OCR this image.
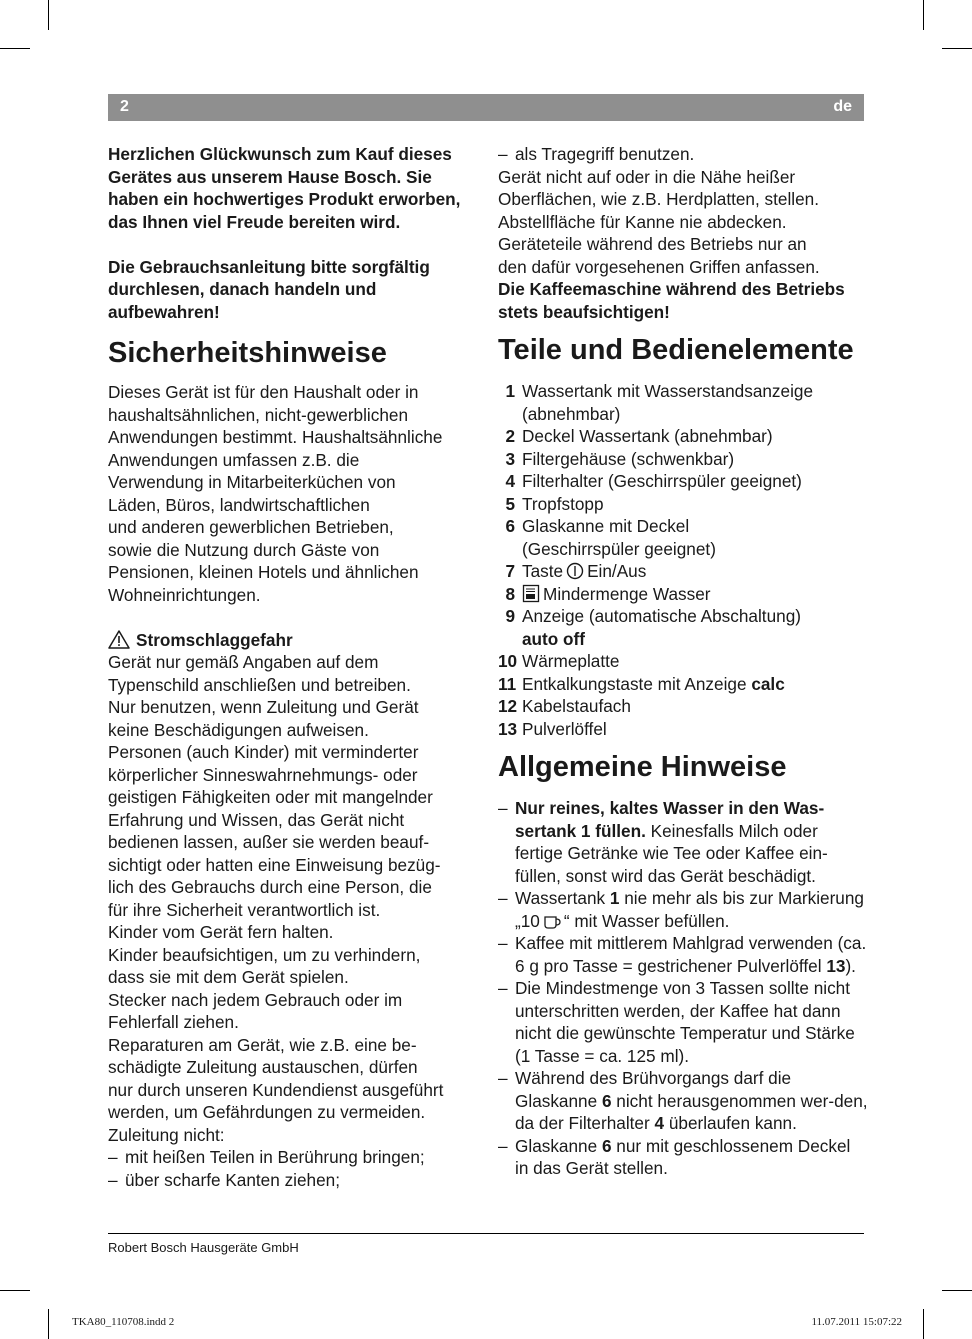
2	de

Herzlichen Glückwunsch zum Kauf dieses Gerätes aus unserem Hause Bosch. Sie haben ein hochwertiges Produkt erworben, das Ihnen viel Freude bereiten wird.

Die Gebrauchsanleitung bitte sorgfältig durchlesen, danach handeln und aufbewahren!

Sicherheitshinweise
Dieses Gerät ist für den Haushalt oder in
haushaltsähnlichen, nicht-gewerblichen
Anwendungen bestimmt. Haushaltsähnliche
Anwendungen umfassen z.B. die
Verwendung in Mitarbeiterküchen von
Läden, Büros, landwirtschaftlichen
und anderen gewerblichen Betrieben,
sowie die Nutzung durch Gäste von
Pensionen, kleinen Hotels und ähnlichen
Wohneinrichtungen.
Stromschlaggefahr
Gerät nur gemäß Angaben auf dem
Typenschild anschließen und betreiben.
Nur benutzen, wenn Zuleitung und Gerät
keine Beschädigungen aufweisen.
Personen (auch Kinder) mit verminderter
körperlicher Sinneswahrnehmungs- oder
geistigen Fähigkeiten oder mit mangelnder
Erfahrung und Wissen, das Gerät nicht
bedienen lassen, außer sie werden beauf-
sichtigt oder hatten eine Einweisung bezüg-
lich des Gebrauchs durch eine Person, die
für ihre Sicherheit verantwortlich ist.
Kinder vom Gerät fern halten.
Kinder beaufsichtigen, um zu verhindern,
dass sie mit dem Gerät spielen.
Stecker nach jedem Gebrauch oder im
Fehlerfall ziehen.
Reparaturen am Gerät, wie z.B. eine be-
schädigte Zuleitung austauschen, dürfen
nur durch unseren Kundendienst ausgeführt
werden, um Gefährdungen zu vermeiden.
Zuleitung nicht:
– mit heißen Teilen in Berührung bringen;
– über scharfe Kanten ziehen;
– als Tragegriff benutzen.
Gerät nicht auf oder in die Nähe heißer
Oberflächen, wie z.B. Herdplatten, stellen.
Abstellfläche für Kanne nie abdecken.
Geräteteile während des Betriebs nur an
den dafür vorgesehenen Griffen anfassen.

Die Kaffeemaschine während des Betriebs stets beaufsichtigen!

Teile und Bedienelemente
1 Wassertank mit Wasserstandsanzeige
(abnehmbar)
2 Deckel Wassertank (abnehmbar)
3 Filtergehäuse (schwenkbar)
4 Filterhalter (Geschirrspüler geeignet)
5 Tropfstopp
6 Glaskanne mit Deckel
(Geschirrspüler geeignet)
7 Taste Ein/Aus
8	Mindermenge Wasser
9 Anzeige (automatische Abschaltung)
auto off
10 Wärmeplatte
11 Entkalkungstaste mit Anzeige calc
12 Kabelstaufach
13 Pulverlöffel
Allgemeine Hinweise
– Nur reines, kaltes Wasser in den Was-sertank 1 füllen. Keinesfalls Milch oder fertige Getränke wie Tee oder Kaffee ein-füllen, sonst wird das Gerät beschädigt.
– Wassertank 1 nie mehr als bis zur Markierung „10 “ mit Wasser befüllen.
– Kaffee mit mittlerem Mahlgrad verwenden (ca. 6 g pro Tasse = gestrichener Pulverlöffel 13).
– Die Mindestmenge von 3 Tassen sollte nicht unterschritten werden, der Kaffee hat dann nicht die gewünschte Temperatur und Stärke (1 Tasse = ca. 125 ml).
– Während des Brühvorgangs darf die Glaskanne 6 nicht herausgenommen wer-den, da der Filterhalter 4 überlaufen kann.
– Glaskanne 6 nur mit geschlossenem Deckel in das Gerät stellen.
Robert Bosch Hausgeräte GmbH
TKA80_110708.indd 2	11.07.2011 15:07:22
